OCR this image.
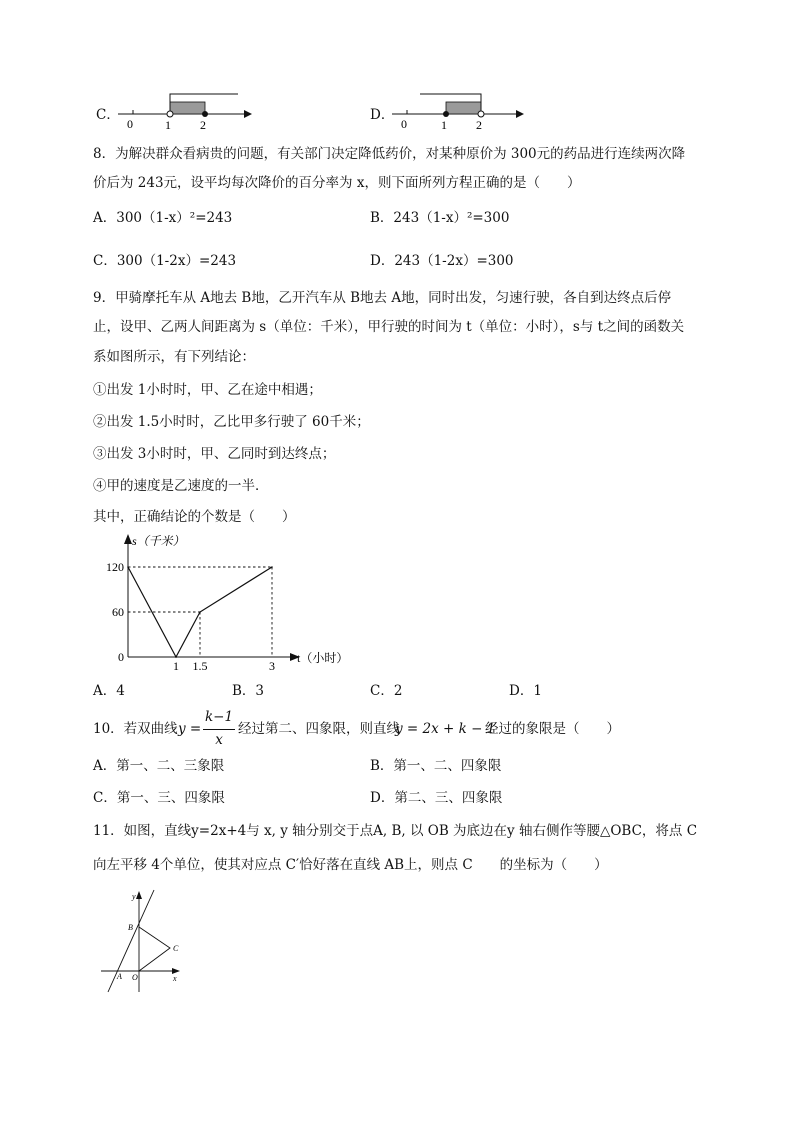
C．
0	1 2
D．
0	1 2
8．为解决群众看病贵的问题，有关部门决定降低药价，对某种原价为 300元的药品进行连续两次降
价后为 243元，设平均每次降价的百分率为 x，则下面所列方程正确的是（　　）
A．300（1-x）²=243	B．243（1-x）²=300
C．300（1-2x）=243	D．243（1-2x）=300
9．甲骑摩托车从 A地去 B地，乙开汽车从 B地去 A地，同时出发，匀速行驶，各自到达终点后停
止，设甲、乙两人间距离为 s（单位：千米），甲行驶的时间为 t（单位：小时），s与 t之间的函数关
系如图所示，有下列结论：
①出发 1小时时，甲、乙在途中相遇；
②出发 1.5小时时，乙比甲多行驶了 60千米；
③出发 3小时时，甲、乙同时到达终点；
④甲的速度是乙速度的一半．
其中，正确结论的个数是（　　）
s（千米）
t（小时）
120
60
0
1 1.5	3
A．4	B．3	C．2	D．1
10．若双曲线 y =
k−1
x
经过第二、四象限，则直线
y = 2x + k − 1
经过的象限是（　　）
A．第一、二、三象限	B．第一、二、四象限
C．第一、三、四象限	D．第二、三、四象限
11．如图，直线y=2x+4与 x, y 轴分别交于点A, B, 以 OB 为底边在y 轴右侧作等腰△OBC，将点 C
向左平移 4个单位，使其对应点 C′恰好落在直线 AB上，则点 C　　的坐标为（　　）
y
B
C
A O	x
